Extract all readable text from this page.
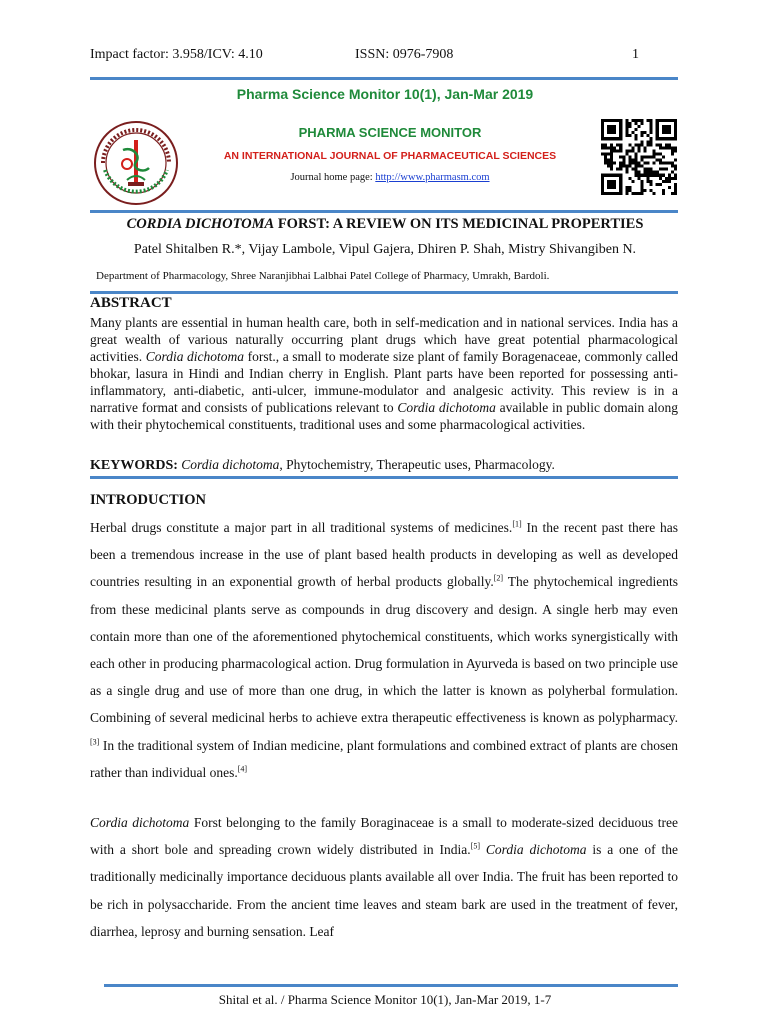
Impact factor: 3.958/ICV: 4.10	ISSN: 0976-7908	1
Pharma Science Monitor 10(1), Jan-Mar 2019
PHARMA SCIENCE MONITOR
AN INTERNATIONAL JOURNAL OF PHARMACEUTICAL SCIENCES
Journal home page: http://www.pharmasm.com
CORDIA DICHOTOMA FORST: A REVIEW ON ITS MEDICINAL PROPERTIES
Patel Shitalben R.*, Vijay Lambole, Vipul Gajera, Dhiren P. Shah, Mistry Shivangiben N.
Department of Pharmacology, Shree Naranjibhai Lalbhai Patel College of Pharmacy, Umrakh, Bardoli.
ABSTRACT
Many plants are essential in human health care, both in self-medication and in national services. India has a great wealth of various naturally occurring plant drugs which have great potential pharmacological activities. Cordia dichotoma forst., a small to moderate size plant of family Boragenaceae, commonly called bhokar, lasura in Hindi and Indian cherry in English. Plant parts have been reported for possessing anti-inflammatory, anti-diabetic, anti-ulcer, immune-modulator and analgesic activity. This review is in a narrative format and consists of publications relevant to Cordia dichotoma available in public domain along with their phytochemical constituents, traditional uses and some pharmacological activities.
KEYWORDS: Cordia dichotoma, Phytochemistry, Therapeutic uses, Pharmacology.
INTRODUCTION
Herbal drugs constitute a major part in all traditional systems of medicines.[1] In the recent past there has been a tremendous increase in the use of plant based health products in developing as well as developed countries resulting in an exponential growth of herbal products globally.[2] The phytochemical ingredients from these medicinal plants serve as compounds in drug discovery and design. A single herb may even contain more than one of the aforementioned phytochemical constituents, which works synergistically with each other in producing pharmacological action. Drug formulation in Ayurveda is based on two principle use as a single drug and use of more than one drug, in which the latter is known as polyherbal formulation. Combining of several medicinal herbs to achieve extra therapeutic effectiveness is known as polypharmacy.[3] In the traditional system of Indian medicine, plant formulations and combined extract of plants are chosen rather than individual ones.[4]
Cordia dichotoma Forst belonging to the family Boraginaceae is a small to moderate-sized deciduous tree with a short bole and spreading crown widely distributed in India.[5] Cordia dichotoma is a one of the traditionally medicinally importance deciduous plants available all over India. The fruit has been reported to be rich in polysaccharide. From the ancient time leaves and steam bark are used in the treatment of fever, diarrhea, leprosy and burning sensation. Leaf
Shital et al. / Pharma Science Monitor 10(1), Jan-Mar 2019, 1-7
